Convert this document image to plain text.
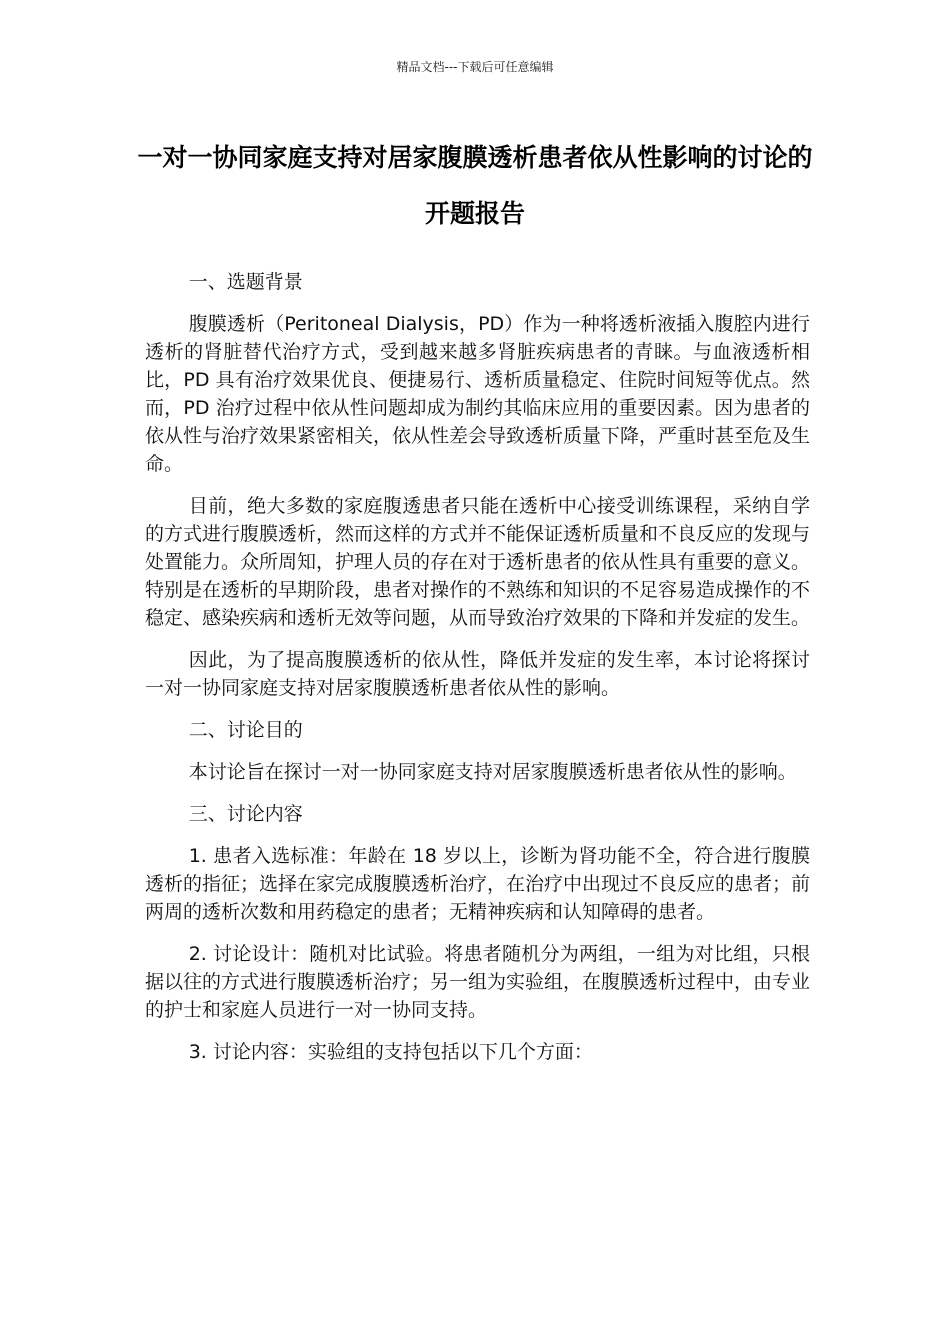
精品文档---下载后可任意编辑
一对一协同家庭支持对居家腹膜透析患者依从性影响的讨论的开题报告

一、选题背景

腹膜透析（Peritoneal Dialysis，PD）作为一种将透析液插入腹腔内进行透析的肾脏替代治疗方式，受到越来越多肾脏疾病患者的青睐。与血液透析相比，PD 具有治疗效果优良、便捷易行、透析质量稳定、住院时间短等优点。然而，PD 治疗过程中依从性问题却成为制约其临床应用的重要因素。因为患者的依从性与治疗效果紧密相关，依从性差会导致透析质量下降，严重时甚至危及生命。

目前，绝大多数的家庭腹透患者只能在透析中心接受训练课程，采纳自学的方式进行腹膜透析，然而这样的方式并不能保证透析质量和不良反应的发现与处置能力。众所周知，护理人员的存在对于透析患者的依从性具有重要的意义。特别是在透析的早期阶段，患者对操作的不熟练和知识的不足容易造成操作的不稳定、感染疾病和透析无效等问题，从而导致治疗效果的下降和并发症的发生。

因此，为了提高腹膜透析的依从性，降低并发症的发生率，本讨论将探讨一对一协同家庭支持对居家腹膜透析患者依从性的影响。

二、讨论目的

本讨论旨在探讨一对一协同家庭支持对居家腹膜透析患者依从性的影响。

三、讨论内容

1. 患者入选标准：年龄在 18 岁以上，诊断为肾功能不全，符合进行腹膜透析的指征；选择在家完成腹膜透析治疗，在治疗中出现过不良反应的患者；前两周的透析次数和用药稳定的患者；无精神疾病和认知障碍的患者。

2. 讨论设计：随机对比试验。将患者随机分为两组，一组为对比组，只根据以往的方式进行腹膜透析治疗；另一组为实验组，在腹膜透析过程中，由专业的护士和家庭人员进行一对一协同支持。

3. 讨论内容：实验组的支持包括以下几个方面：
